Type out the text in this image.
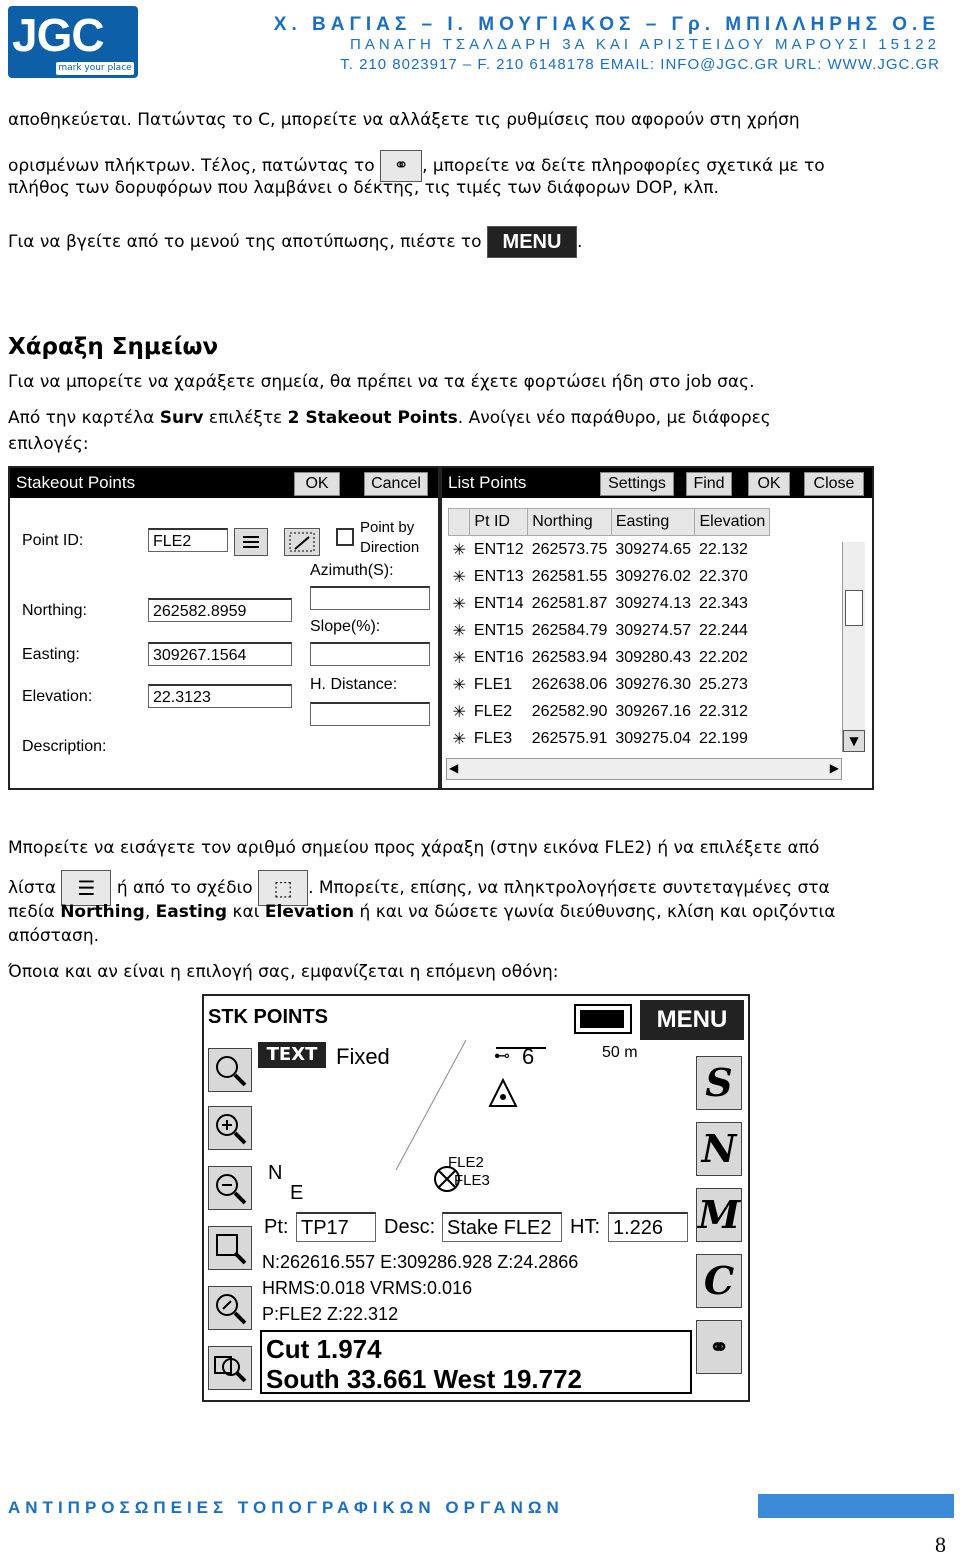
JGC
mark your place
Χ. ΒΑΓΙΑΣ – Ι. ΜΟΥΓΙΑΚΟΣ – Γρ. ΜΠΙΛΛΗΡΗΣ Ο.Ε
ΠΑΝΑΓΗ ΤΣΑΛΔΑΡΗ 3Α ΚΑΙ ΑΡΙΣΤΕΙΔΟΥ ΜΑΡΟΥΣΙ 15122
T. 210 8023917 – F. 210 6148178 EMAIL: INFO@JGC.GR URL: WWW.JGC.GR
αποθηκεύεται. Πατώντας το C, μπορείτε να αλλάξετε τις ρυθμίσεις που αφορούν στη χρήση
ορισμένων πλήκτρων. Τέλος, πατώντας το ⚭ , μπορείτε να δείτε πληροφορίες σχετικά με το
πλήθος των δορυφόρων που λαμβάνει ο δέκτης, τις τιμές των διάφορων DOP, κλπ.
Για να βγείτε από το μενού της αποτύπωσης, πιέστε το MENU .
Χάραξη Σημείων
Για να μπορείτε να χαράξετε σημεία, θα πρέπει να τα έχετε φορτώσει ήδη στο job σας.
Από την καρτέλα Surv επιλέξτε 2 Stakeout Points. Ανοίγει νέο παράθυρο, με διάφορες
επιλογές:
Stakeout Points	OK	Cancel
Point ID:	FLE2
Point by Direction
Azimuth(S):
Slope(%):
H. Distance:
Northing:	262582.8959
Easting:	309267.1564
Elevation:	22.3123
Description:
List Points	Settings	Find	OK	Close
	Pt ID	Northing	Easting	Elevation
✳	ENT12	262573.75	309274.65	22.132
✳	ENT13	262581.55	309276.02	22.370
✳	ENT14	262581.87	309274.13	22.343
✳	ENT15	262584.79	309274.57	22.244
✳	ENT16	262583.94	309280.43	22.202
✳	FLE1	262638.06	309276.30	25.273
✳	FLE2	262582.90	309267.16	22.312
✳	FLE3	262575.91	309275.04	22.199	▼
◀	▶
Μπορείτε να εισάγετε τον αριθμό σημείου προς χάραξη (στην εικόνα FLE2) ή να επιλέξετε από
λίστα ☰ ή από το σχέδιο ⬚ . Μπορείτε, επίσης, να πληκτρολογήσετε συντεταγμένες στα
πεδία Northing, Easting και Elevation ή και να δώσετε γωνία διεύθυνσης, κλίση και οριζόντια
απόσταση.
Όποια και αν είναι η επιλογή σας, εμφανίζεται η επόμενη οθόνη:
STK POINTS	MENU
TEXT Fixed	⊷ 6	50 m
FLE2
FLE3
N
E
S
N
M
C
⚭
Pt: TP17	Desc: Stake FLE2 HT: 1.226
N:262616.557 E:309286.928 Z:24.2866
HRMS:0.018 VRMS:0.016
P:FLE2 Z:22.312
Cut 1.974
South 33.661 West 19.772
ΑΝΤΙΠΡΟΣΩΠΕΙΕΣ ΤΟΠΟΓΡΑΦΙΚΩΝ ΟΡΓΑΝΩΝ
8
